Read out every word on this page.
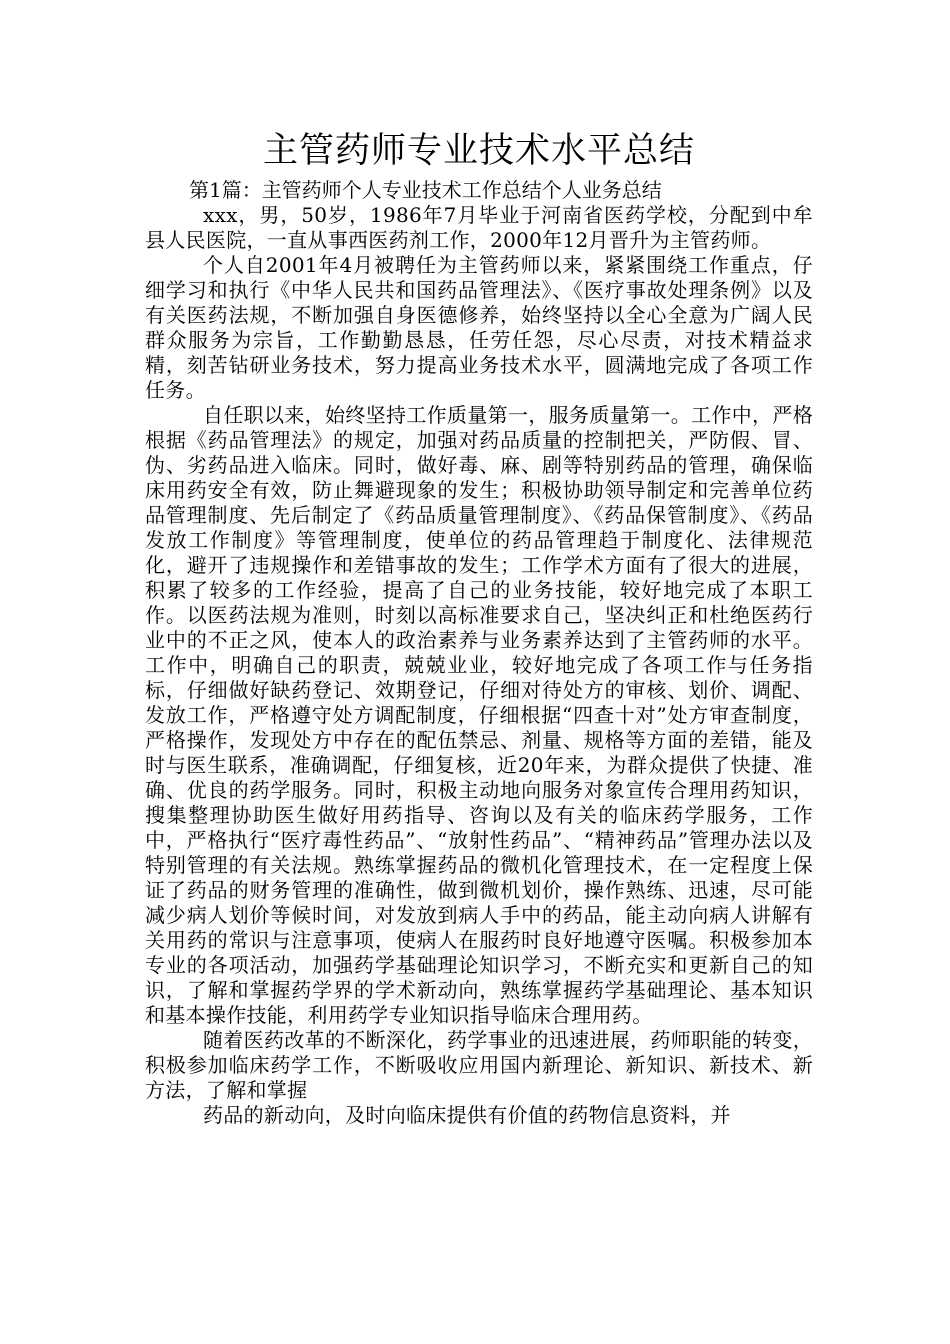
主管药师专业技术水平总结
第1篇：主管药师个人专业技术工作总结个人业务总结

xxx，男，50岁，1986年7月毕业于河南省医药学校，分配到中牟县人民医院，一直从事西医药剂工作，2000年12月晋升为主管药师。

个人自2001年4月被聘任为主管药师以来，紧紧围绕工作重点，仔细学习和执行《中华人民共和国药品管理法》、《医疗事故处理条例》以及有关医药法规，不断加强自身医德修养，始终坚持以全心全意为广阔人民群众服务为宗旨，工作勤勤恳恳，任劳任怨，尽心尽责，对技术精益求精，刻苦钻研业务技术，努力提高业务技术水平，圆满地完成了各项工作任务。

自任职以来，始终坚持工作质量第一，服务质量第一。工作中，严格根据《药品管理法》的规定，加强对药品质量的控制把关，严防假、冒、伪、劣药品进入临床。同时，做好毒、麻、剧等特别药品的管理，确保临床用药安全有效，防止舞避现象的发生；积极协助领导制定和完善单位药品管理制度、先后制定了《药品质量管理制度》、《药品保管制度》、《药品发放工作制度》等管理制度，使单位的药品管理趋于制度化、法律规范化，避开了违规操作和差错事故的发生；工作学术方面有了很大的进展，积累了较多的工作经验，提高了自己的业务技能，较好地完成了本职工作。以医药法规为准则，时刻以高标准要求自己，坚决纠正和杜绝医药行业中的不正之风，使本人的政治素养与业务素养达到了主管药师的水平。工作中，明确自己的职责，兢兢业业，较好地完成了各项工作与任务指标，仔细做好缺药登记、效期登记，仔细对待处方的审核、划价、调配、发放工作，严格遵守处方调配制度，仔细根据“四查十对”处方审查制度，严格操作，发现处方中存在的配伍禁忌、剂量、规格等方面的差错，能及时与医生联系，准确调配，仔细复核，近20年来，为群众提供了快捷、准确、优良的药学服务。同时，积极主动地向服务对象宣传合理用药知识，搜集整理协助医生做好用药指导、咨询以及有关的临床药学服务，工作中，严格执行“医疗毒性药品”、“放射性药品”、“精神药品”管理办法以及特别管理的有关法规。熟练掌握药品的微机化管理技术，在一定程度上保证了药品的财务管理的准确性，做到微机划价，操作熟练、迅速，尽可能减少病人划价等候时间，对发放到病人手中的药品，能主动向病人讲解有关用药的常识与注意事项，使病人在服药时良好地遵守医嘱。积极参加本专业的各项活动，加强药学基础理论知识学习，不断充实和更新自己的知识，了解和掌握药学界的学术新动向，熟练掌握药学基础理论、基本知识和基本操作技能，利用药学专业知识指导临床合理用药。

随着医药改革的不断深化，药学事业的迅速进展，药师职能的转变，积极参加临床药学工作，不断吸收应用国内新理论、新知识、新技术、新方法，了解和掌握

药品的新动向，及时向临床提供有价值的药物信息资料，并
